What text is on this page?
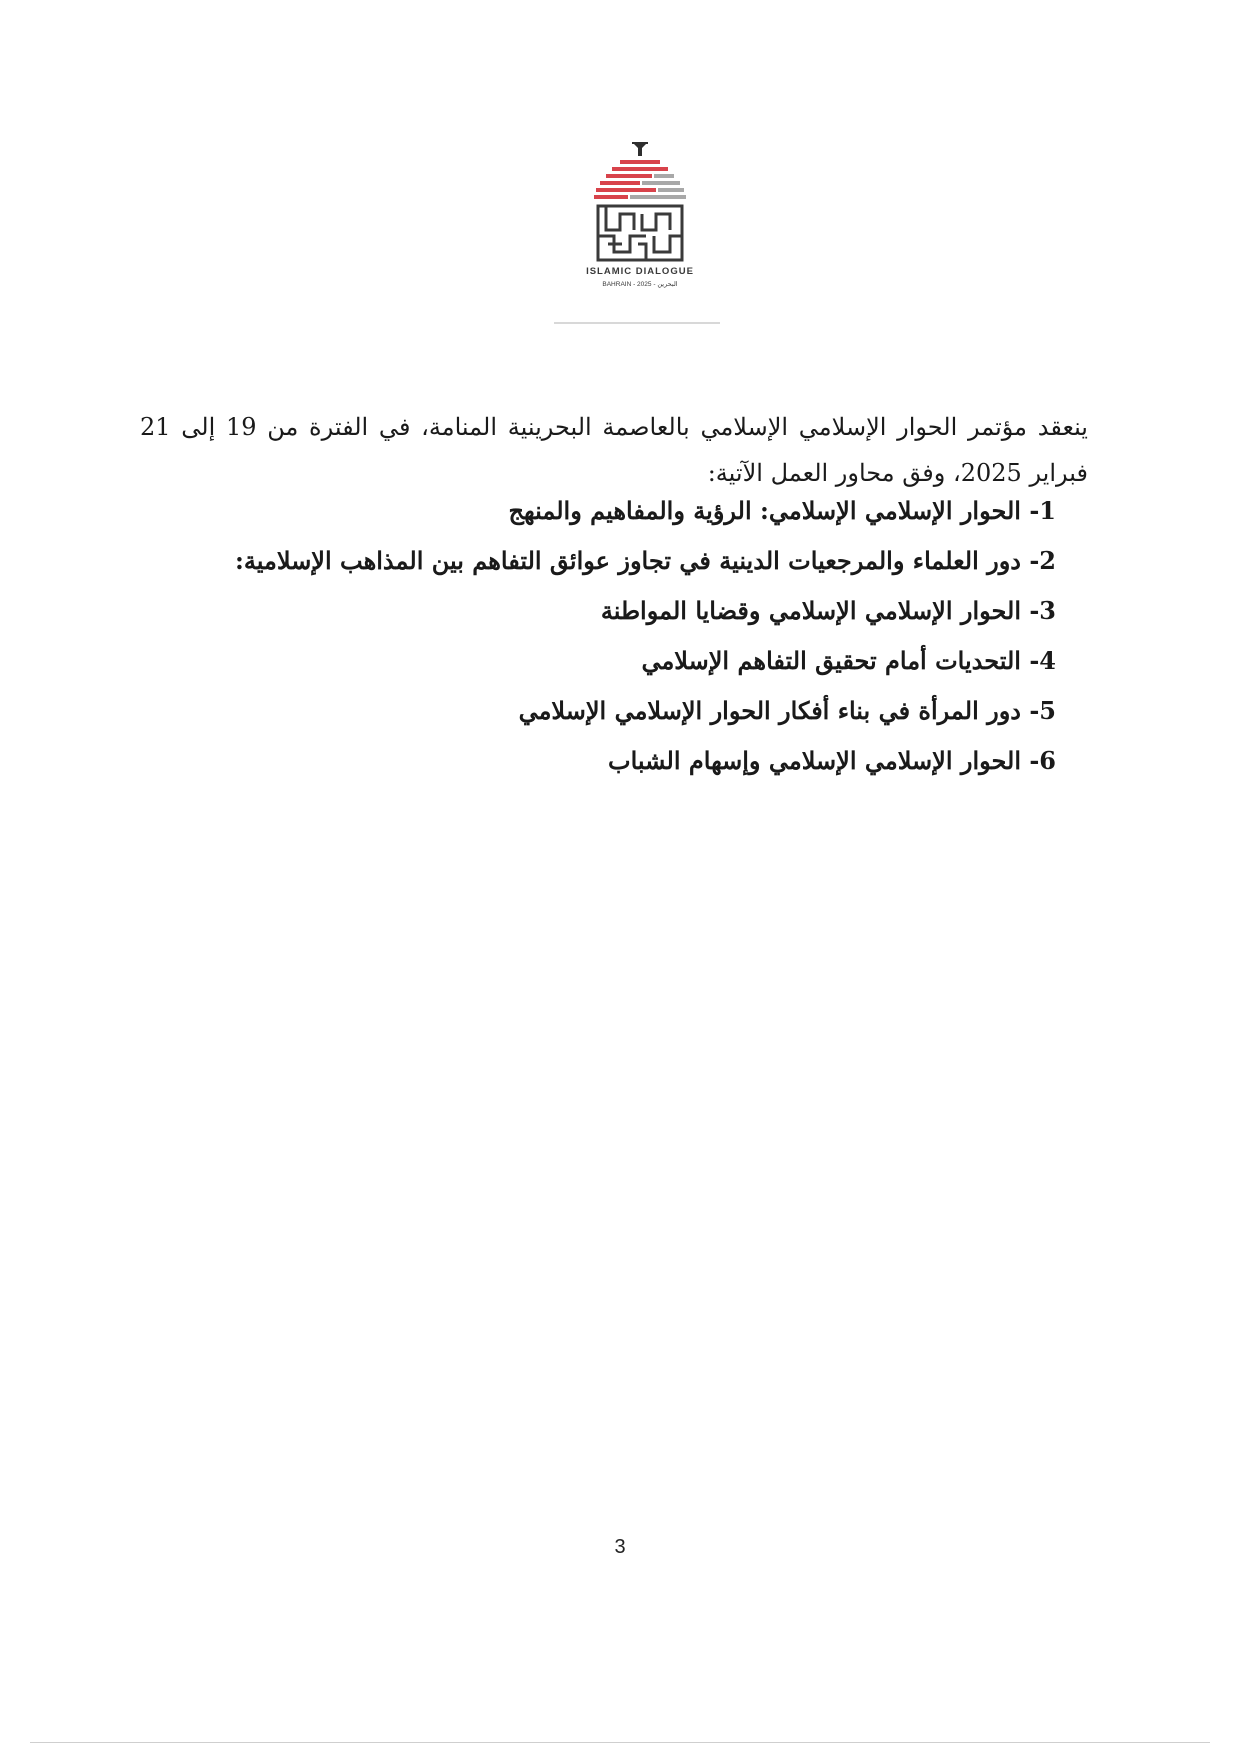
ISLAMIC DIALOGUE
BAHRAIN - 2025 - البحرين

ينعقد مؤتمر الحوار الإسلامي الإسلامي بالعاصمة البحرينية المنامة، في الفترة من 19 إلى 21 فبراير 2025، وفق محاور العمل الآتية:

1- الحوار الإسلامي الإسلامي: الرؤية والمفاهيم والمنهج
2- دور العلماء والمرجعيات الدينية في تجاوز عوائق التفاهم بين المذاهب الإسلامية:
3- الحوار الإسلامي الإسلامي وقضايا المواطنة
4- التحديات أمام تحقيق التفاهم الإسلامي
5- دور المرأة في بناء أفكار الحوار الإسلامي الإسلامي
6- الحوار الإسلامي الإسلامي وإسهام الشباب
3
